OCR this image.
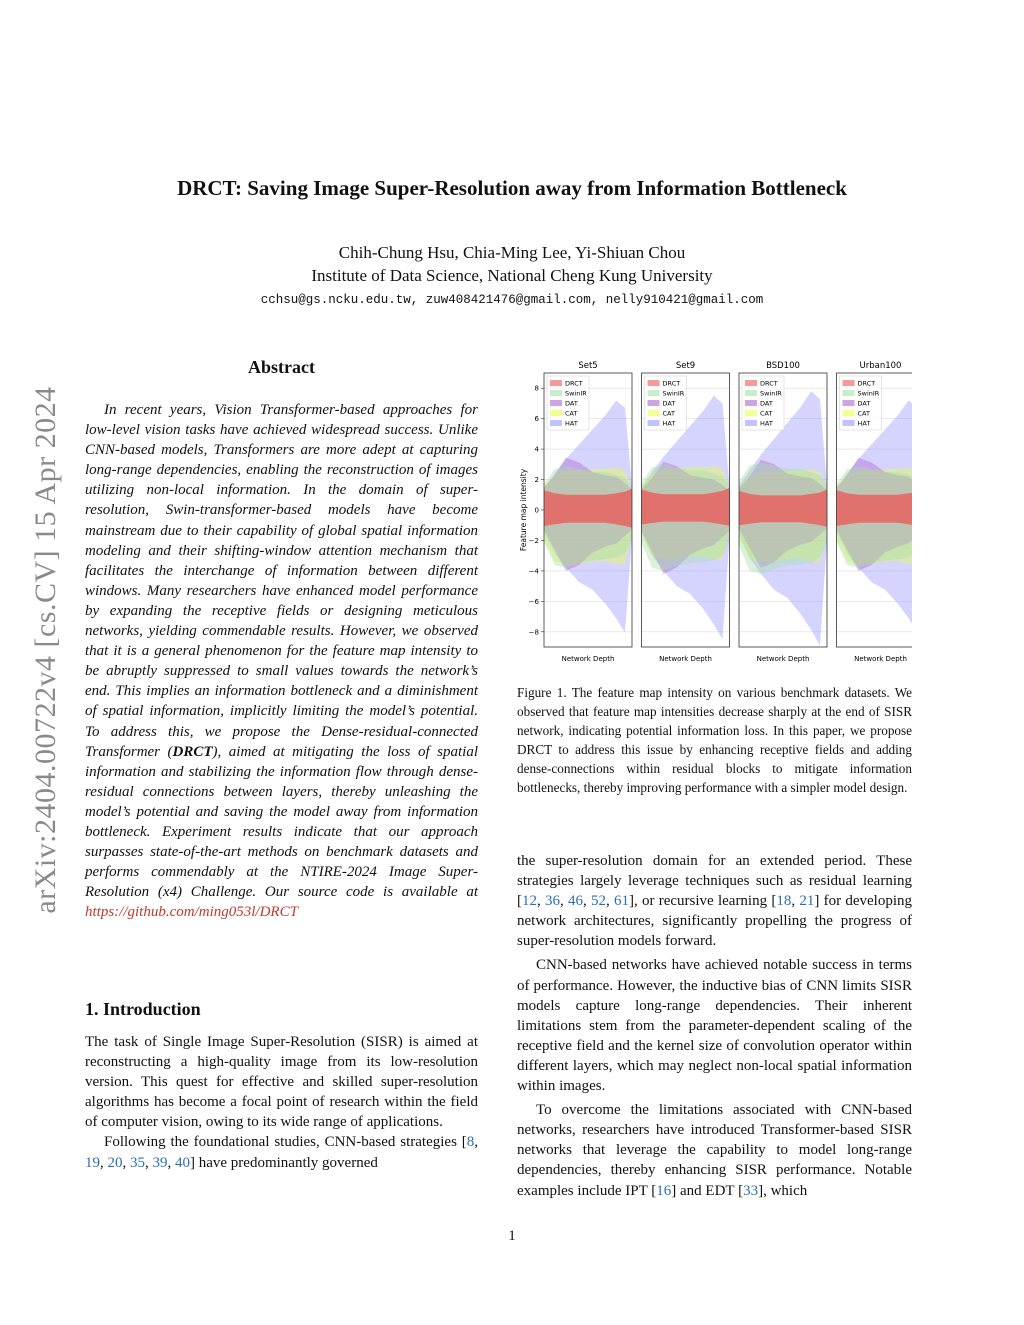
arXiv:2404.00722v4 [cs.CV] 15 Apr 2024
DRCT: Saving Image Super-Resolution away from Information Bottleneck
Chih-Chung Hsu, Chia-Ming Lee, Yi-Shiuan Chou
Institute of Data Science, National Cheng Kung University
cchsu@gs.ncku.edu.tw, zuw408421476@gmail.com, nelly910421@gmail.com
Abstract

In recent years, Vision Transformer-based approaches for low-level vision tasks have achieved widespread success. Unlike CNN-based models, Transformers are more adept at capturing long-range dependencies, enabling the reconstruction of images utilizing non-local information. In the domain of super-resolution, Swin-transformer-based models have become mainstream due to their capability of global spatial information modeling and their shifting-window attention mechanism that facilitates the interchange of information between different windows. Many researchers have enhanced model performance by expanding the receptive fields or designing meticulous networks, yielding commendable results. However, we observed that it is a general phenomenon for the feature map intensity to be abruptly suppressed to small values towards the network’s end. This implies an information bottleneck and a diminishment of spatial information, implicitly limiting the model’s potential. To address this, we propose the Dense-residual-connected Transformer (DRCT), aimed at mitigating the loss of spatial information and stabilizing the information flow through dense-residual connections between layers, thereby unleashing the model’s potential and saving the model away from information bottleneck. Experiment results indicate that our approach surpasses state-of-the-art methods on benchmark datasets and performs commendably at the NTIRE-2024 Image Super-Resolution (x4) Challenge. Our source code is available at https://github.com/ming053l/DRCT

1. Introduction

The task of Single Image Super-Resolution (SISR) is aimed at reconstructing a high-quality image from its low-resolution version. This quest for effective and skilled super-resolution algorithms has become a focal point of research within the field of computer vision, owing to its wide range of applications.

Following the foundational studies, CNN-based strategies [8, 19, 20, 35, 39, 40] have predominantly governed

Feature map intensity
Set5
Network Depth
8
6
4
2
0
−2
−4
−6
−8
DRCT
SwinIR
DAT
CAT
HAT
Set9
Network Depth
DRCT
SwinIR
DAT
CAT
HAT
BSD100
Network Depth
DRCT
SwinIR
DAT
CAT
HAT
Urban100
Network Depth
DRCT
SwinIR
DAT
CAT
HAT
Figure 1. The feature map intensity on various benchmark datasets. We observed that feature map intensities decrease sharply at the end of SISR network, indicating potential information loss. In this paper, we propose DRCT to address this issue by enhancing receptive fields and adding dense-connections within residual blocks to mitigate information bottlenecks, thereby improving performance with a simpler model design.

the super-resolution domain for an extended period. These strategies largely leverage techniques such as residual learning [12, 36, 46, 52, 61], or recursive learning [18, 21] for developing network architectures, significantly propelling the progress of super-resolution models forward.

CNN-based networks have achieved notable success in terms of performance. However, the inductive bias of CNN limits SISR models capture long-range dependencies. Their inherent limitations stem from the parameter-dependent scaling of the receptive field and the kernel size of convolution operator within different layers, which may neglect non-local spatial information within images.

To overcome the limitations associated with CNN-based networks, researchers have introduced Transformer-based SISR networks that leverage the capability to model long-range dependencies, thereby enhancing SISR performance. Notable examples include IPT [16] and EDT [33], which

1
